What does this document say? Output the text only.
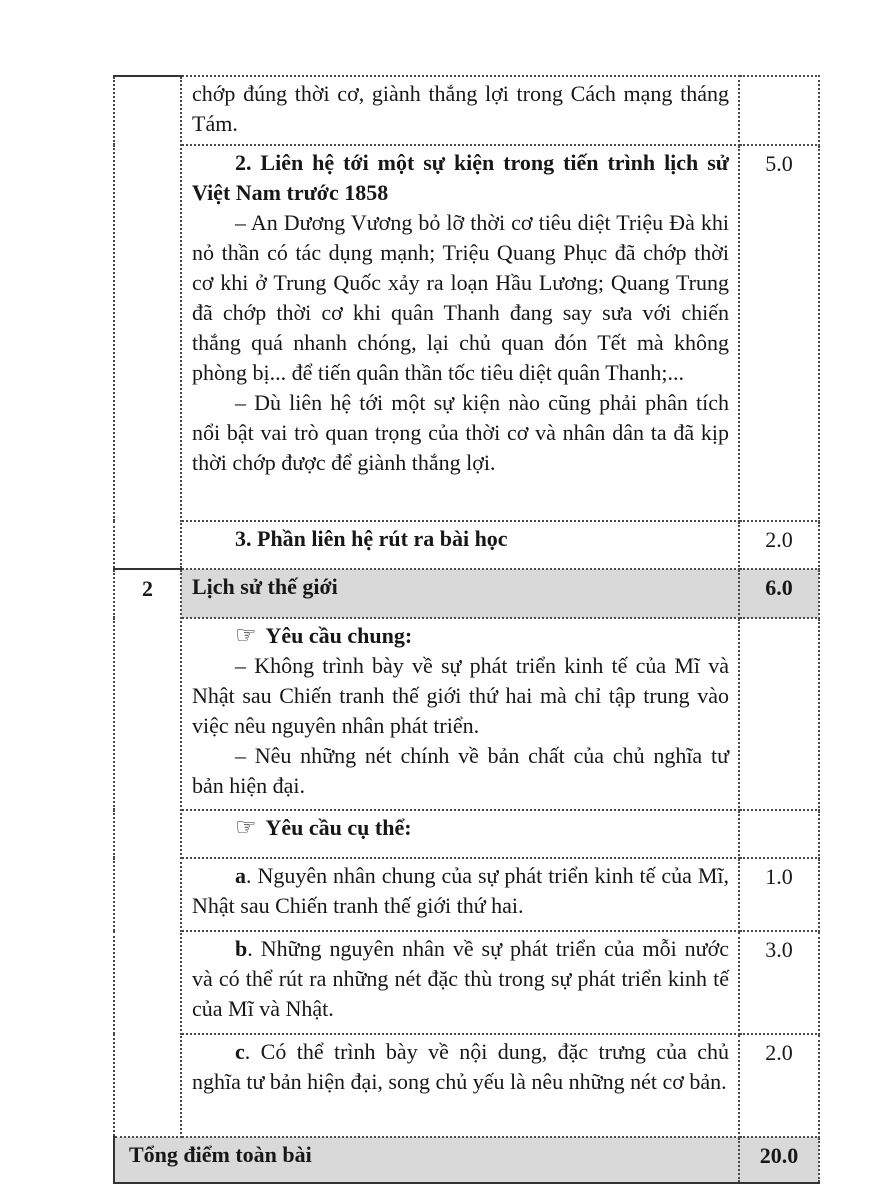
	chớp đúng thời cơ, giành thắng lợi trong Cách mạng tháng Tám.	

	2. Liên hệ tới một sự kiện trong tiến trình lịch sử Việt Nam trước 1858

– An Dương Vương bỏ lỡ thời cơ tiêu diệt Triệu Đà khi nỏ thần có tác dụng mạnh; Triệu Quang Phục đã chớp thời cơ khi ở Trung Quốc xảy ra loạn Hầu Lương; Quang Trung đã chớp thời cơ khi quân Thanh đang say sưa với chiến thắng quá nhanh chóng, lại chủ quan đón Tết mà không phòng bị... để tiến quân thần tốc tiêu diệt quân Thanh;...

– Dù liên hệ tới một sự kiện nào cũng phải phân tích nổi bật vai trò quan trọng của thời cơ và nhân dân ta đã kịp thời chớp được để giành thắng lợi.	5.0

	3. Phần liên hệ rút ra bài học	2.0

2	Lịch sử thế giới	6.0

	☞ Yêu cầu chung:

– Không trình bày về sự phát triển kinh tế của Mĩ và Nhật sau Chiến tranh thế giới thứ hai mà chỉ tập trung vào việc nêu nguyên nhân phát triển.

– Nêu những nét chính về bản chất của chủ nghĩa tư bản hiện đại.	

	☞ Yêu cầu cụ thể:	

	a. Nguyên nhân chung của sự phát triển kinh tế của Mĩ, Nhật sau Chiến tranh thế giới thứ hai.	1.0

	b. Những nguyên nhân về sự phát triển của mỗi nước và có thể rút ra những nét đặc thù trong sự phát triển kinh tế của Mĩ và Nhật.	3.0

	c. Có thể trình bày về nội dung, đặc trưng của chủ nghĩa tư bản hiện đại, song chủ yếu là nêu những nét cơ bản.	2.0

Tổng điểm toàn bài		20.0
